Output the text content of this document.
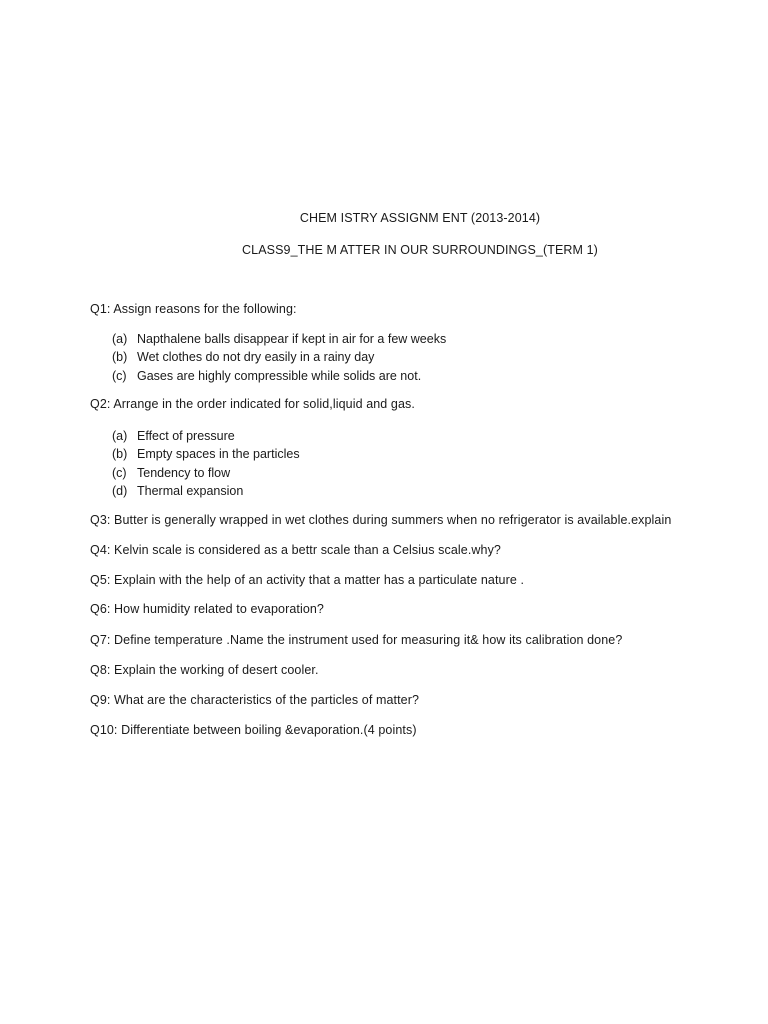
CHEM ISTRY ASSIGNM ENT (2013-2014)
CLASS9_THE M ATTER IN OUR SURROUNDINGS_(TERM 1)
Q1: Assign reasons for the following:
(a) Napthalene balls disappear if kept in air for a few weeks
(b) Wet clothes do not dry easily in a rainy day
(c) Gases are highly compressible while solids are not.
Q2: Arrange in the order indicated for solid,liquid and gas.
(a) Effect of pressure
(b) Empty spaces in the particles
(c) Tendency to flow
(d) Thermal expansion
Q3: Butter is generally wrapped in wet clothes during summers when no refrigerator is available.explain
Q4: Kelvin scale is considered as a bettr scale than a Celsius scale.why?
Q5: Explain with the help of an activity that a matter has a particulate nature .
Q6: How humidity related to evaporation?
Q7: Define temperature .Name the instrument used for measuring it& how its calibration done?
Q8: Explain the working of desert cooler.
Q9: What are the characteristics of the particles of matter?
Q10: Differentiate between boiling &evaporation.(4 points)
